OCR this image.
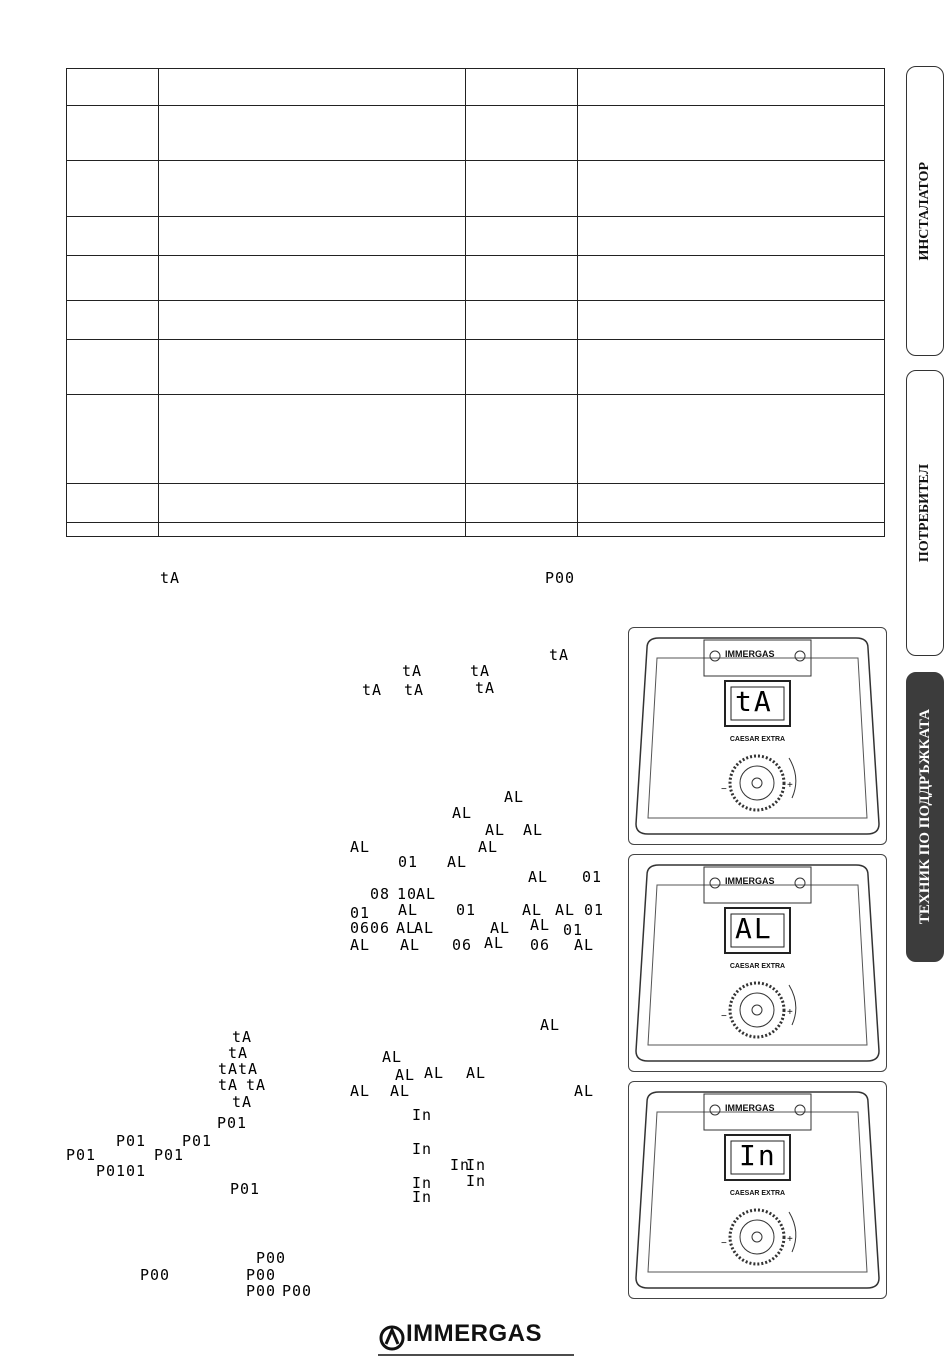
ИНСТАЛАТОР
ПОТРЕБИТЕЛ
ТЕХНИК ПО ПОДДРЪЖКАТА
tA	P00
tA
tA	tA
tA tA	tA
AL
AL
AL AL
AL	AL
01 AL
AL 01
08 10
AL
01 AL	01	AL AL 01
06 06 AL
AL	AL AL 01
AL AL 06 AL 06 AL
AL
tA
tA	AL
tA tA	AL AL AL
tA tA	AL AL	AL
tA
In
P01
P01 P01	In
P01	P01
In
In
P01 01
In
In
P01	In
P00
P00	P00
P00 P00
−	+
IMMERGAS
CAESAR EXTRA
tA
−	+
IMMERGAS
CAESAR EXTRA
AL
−	+
IMMERGAS
CAESAR EXTRA
In
IMMERGAS
